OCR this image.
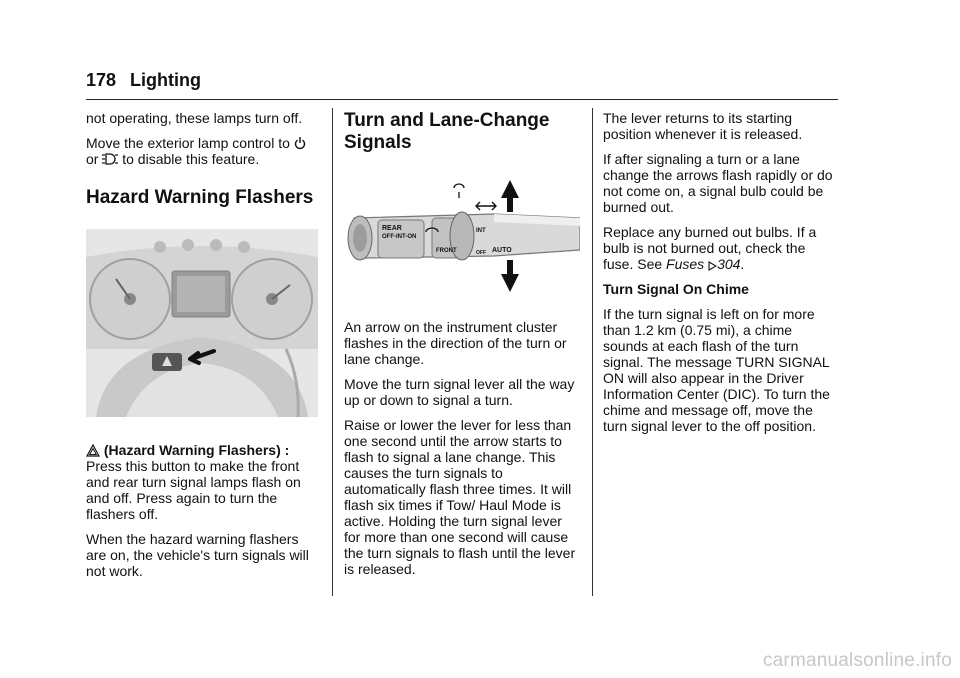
178 Lighting

not operating, these lamps turn off.

Move the exterior lamp control to
or  to disable this feature.

Hazard Warning Flashers

(Hazard Warning Flashers) :
Press this button to make the front and rear turn signal lamps flash on and off. Press again to turn the flashers off.

When the hazard warning flashers are on, the vehicle's turn signals will not work.

Turn and Lane-Change Signals
REAR
OFF-INT-ON
FRONT
INT
OFF AUTO

An arrow on the instrument cluster flashes in the direction of the turn or lane change.

Move the turn signal lever all the way up or down to signal a turn.

Raise or lower the lever for less than one second until the arrow starts to flash to signal a lane change. This causes the turn signals to automatically flash three times. It will flash six times if Tow/ Haul Mode is active. Holding the turn signal lever for more than one second will cause the turn signals to flash until the lever is released.

The lever returns to its starting position whenever it is released.

If after signaling a turn or a lane change the arrows flash rapidly or do not come on, a signal bulb could be burned out.

Replace any burned out bulbs. If a bulb is not burned out, check the fuse. See Fuses 304.

Turn Signal On Chime

If the turn signal is left on for more than 1.2 km (0.75 mi), a chime sounds at each flash of the turn signal. The message TURN SIGNAL ON will also appear in the Driver Information Center (DIC). To turn the chime and message off, move the turn signal lever to the off position.

carmanualsonline.info
